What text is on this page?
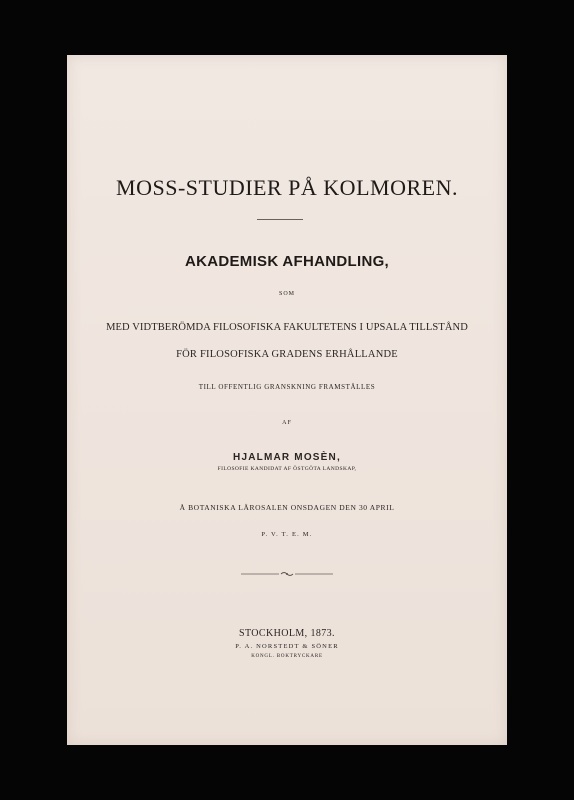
MOSS-STUDIER PÅ KOLMOREN.
AKADEMISK AFHANDLING,
SOM
MED VIDTBERÖMDA FILOSOFISKA FAKULTETENS I UPSALA TILLSTÅND
FÖR FILOSOFISKA GRADENS ERHÅLLANDE
TILL OFFENTLIG GRANSKNING FRAMSTÄLLES
AF
HJALMAR MOSÈN,
FILOSOFIE KANDIDAT AF ÖSTGÖTA LANDSKAP,
Å BOTANISKA LÄROSALEN ONSDAGEN DEN 30 APRIL
P. V. T. E. M.
STOCKHOLM, 1873.
P. A. NORSTEDT & SÖNER
KONGL. BOKTRYCKARE
